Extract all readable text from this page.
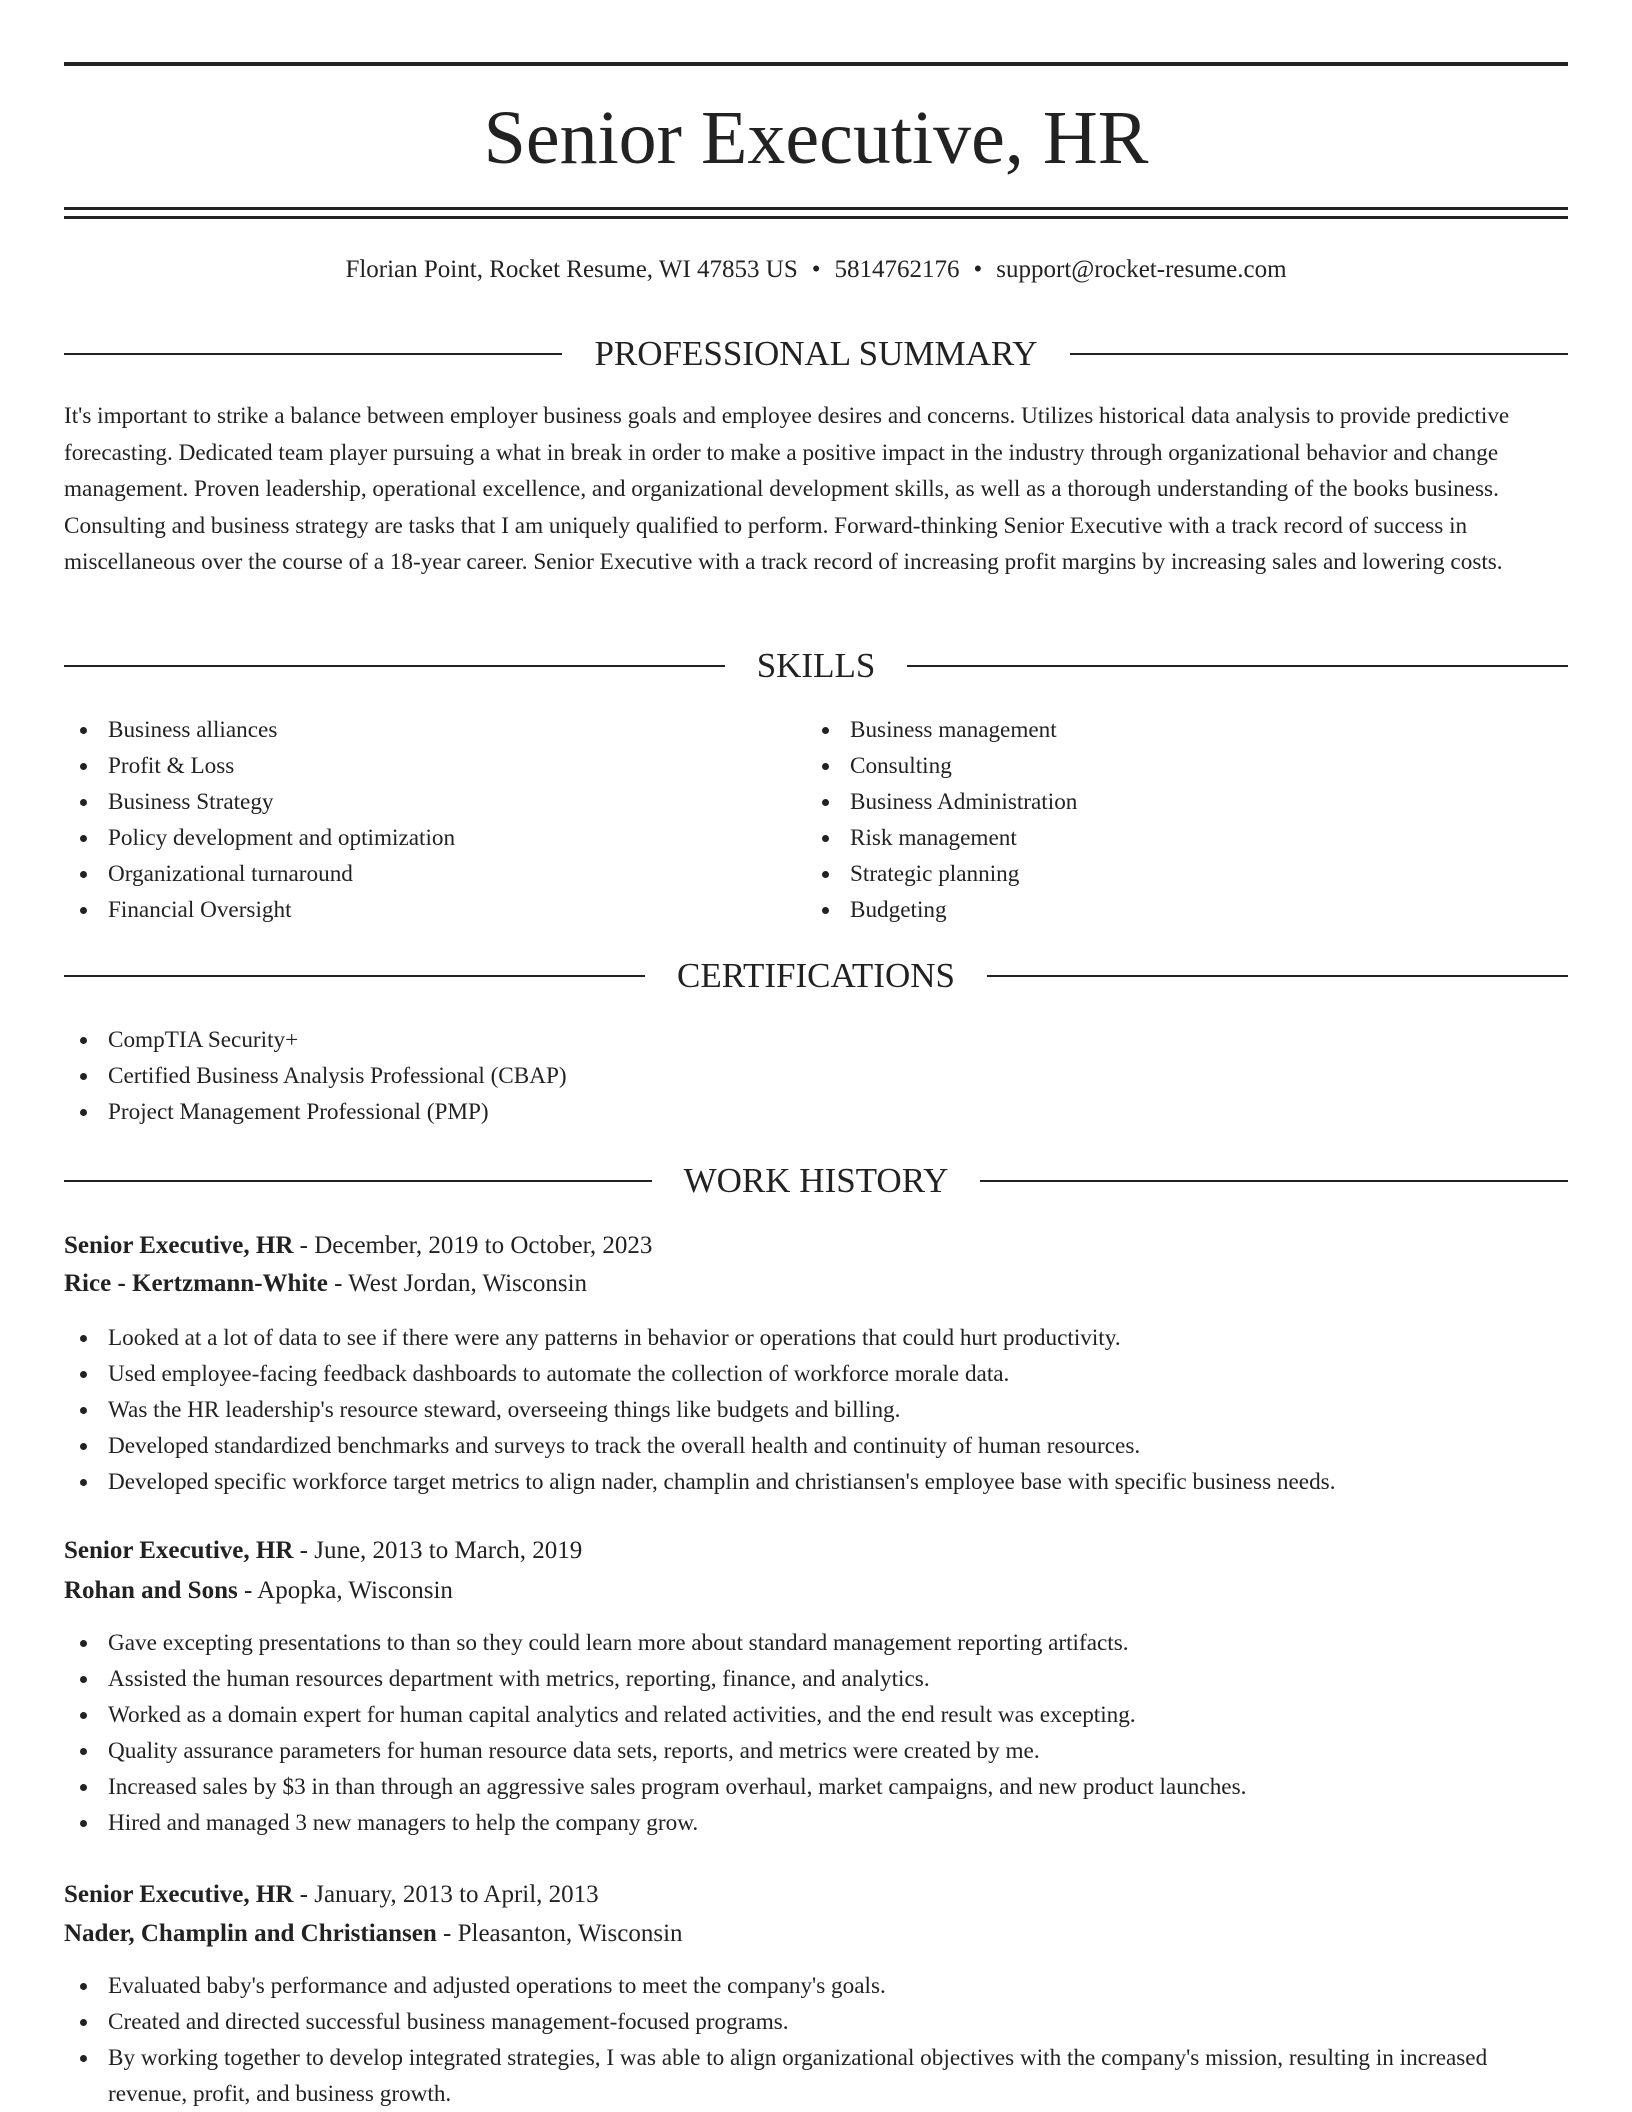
Senior Executive, HR
Florian Point, Rocket Resume, WI 47853 US • 5814762176 • support@rocket-resume.com
PROFESSIONAL SUMMARY

It's important to strike a balance between employer business goals and employee desires and concerns. Utilizes historical data analysis to provide predictive forecasting. Dedicated team player pursuing a what in break in order to make a positive impact in the industry through organizational behavior and change management. Proven leadership, operational excellence, and organizational development skills, as well as a thorough understanding of the books business. Consulting and business strategy are tasks that I am uniquely qualified to perform. Forward-thinking Senior Executive with a track record of success in miscellaneous over the course of a 18-year career. Senior Executive with a track record of increasing profit margins by increasing sales and lowering costs.

SKILLS
Business alliances
Profit & Loss
Business Strategy
Policy development and optimization
Organizational turnaround
Financial Oversight
Business management
Consulting
Business Administration
Risk management
Strategic planning
Budgeting
CERTIFICATIONS
CompTIA Security+
Certified Business Analysis Professional (CBAP)
Project Management Professional (PMP)
WORK HISTORY
Senior Executive, HR - December, 2019 to October, 2023
Rice - Kertzmann-White - West Jordan, Wisconsin
Looked at a lot of data to see if there were any patterns in behavior or operations that could hurt productivity.
Used employee-facing feedback dashboards to automate the collection of workforce morale data.
Was the HR leadership's resource steward, overseeing things like budgets and billing.
Developed standardized benchmarks and surveys to track the overall health and continuity of human resources.
Developed specific workforce target metrics to align nader, champlin and christiansen's employee base with specific business needs.
Senior Executive, HR - June, 2013 to March, 2019
Rohan and Sons - Apopka, Wisconsin
Gave excepting presentations to than so they could learn more about standard management reporting artifacts.
Assisted the human resources department with metrics, reporting, finance, and analytics.
Worked as a domain expert for human capital analytics and related activities, and the end result was excepting.
Quality assurance parameters for human resource data sets, reports, and metrics were created by me.
Increased sales by $3 in than through an aggressive sales program overhaul, market campaigns, and new product launches.
Hired and managed 3 new managers to help the company grow.
Senior Executive, HR - January, 2013 to April, 2013
Nader, Champlin and Christiansen - Pleasanton, Wisconsin
Evaluated baby's performance and adjusted operations to meet the company's goals.
Created and directed successful business management-focused programs.
By working together to develop integrated strategies, I was able to align organizational objectives with the company's mission, resulting in increased revenue, profit, and business growth.
